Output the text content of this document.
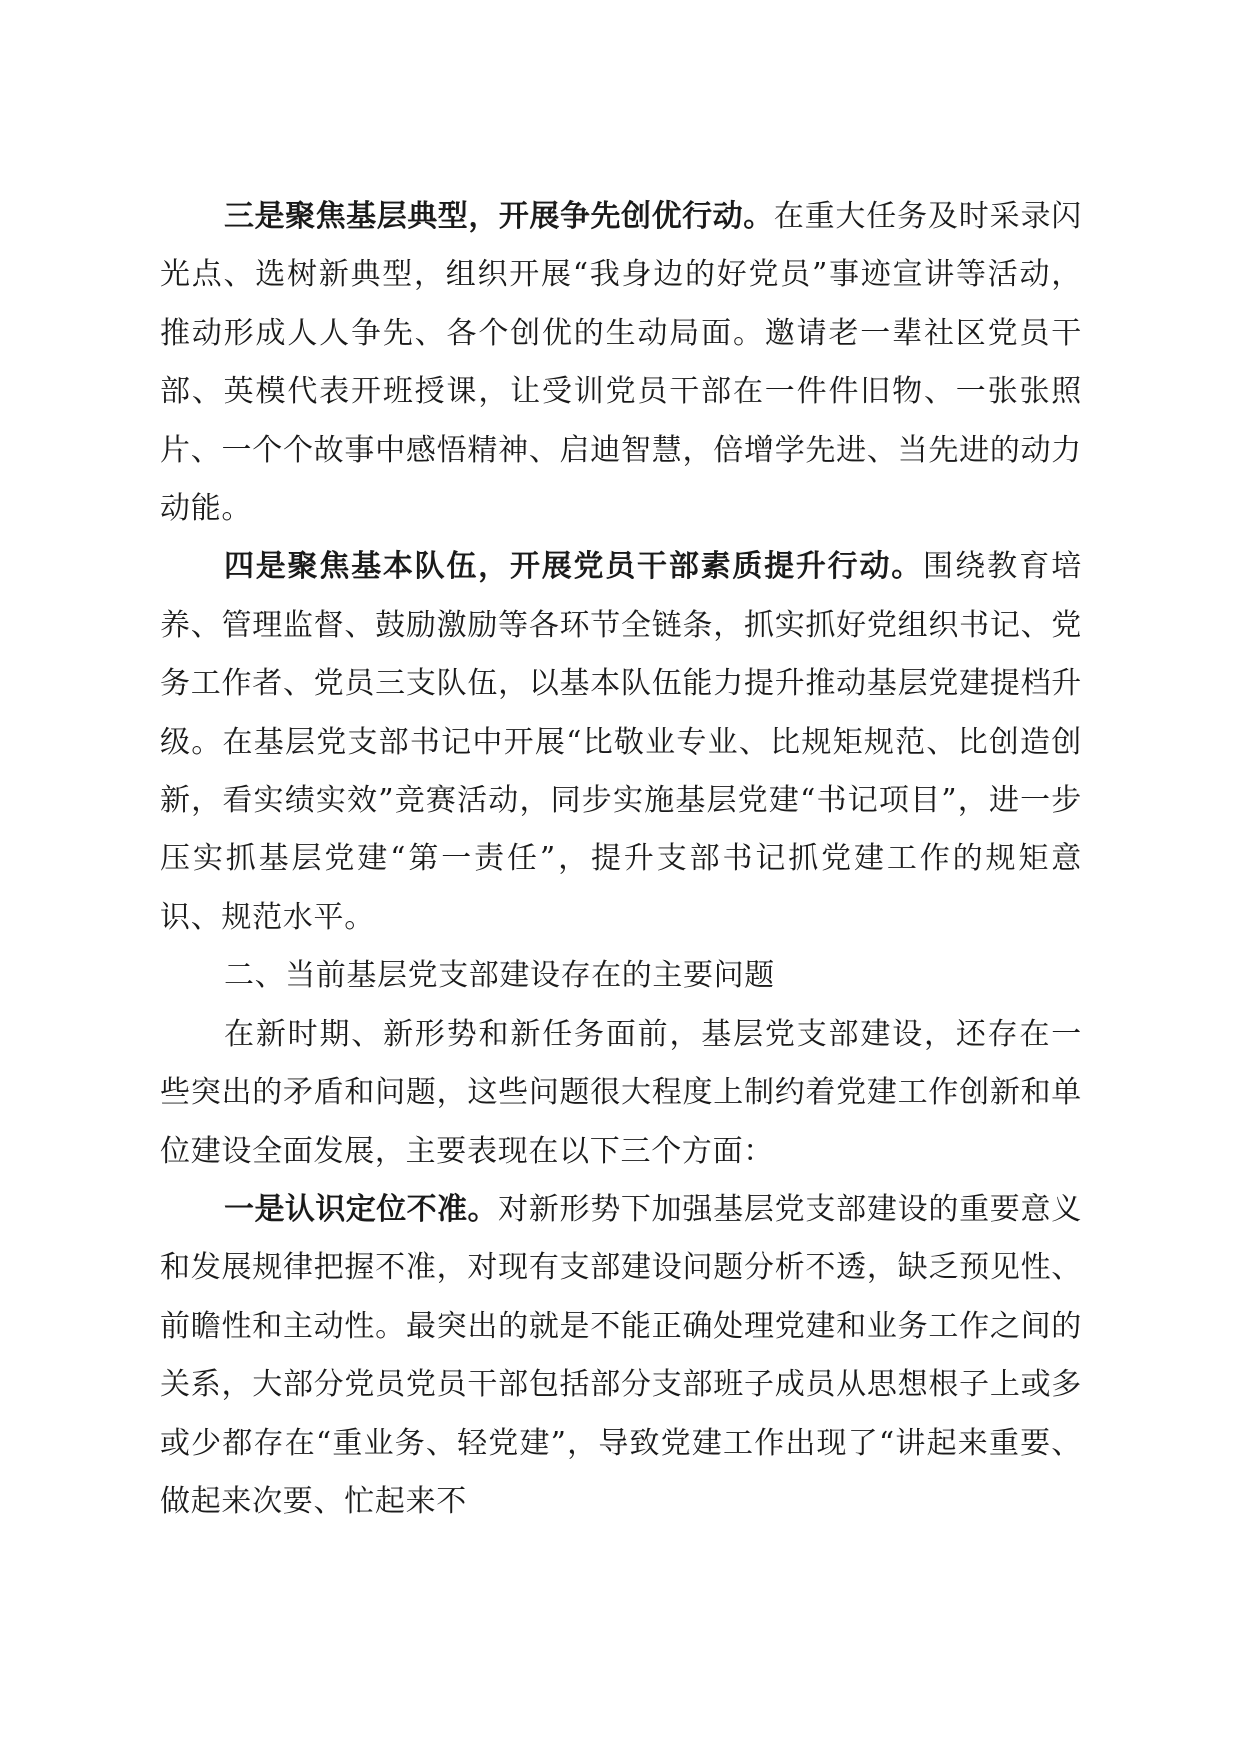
三是聚焦基层典型，开展争先创优行动。在重大任务及时采录闪光点、选树新典型，组织开展“我身边的好党员”事迹宣讲等活动，推动形成人人争先、各个创优的生动局面。邀请老一辈社区党员干部、英模代表开班授课，让受训党员干部在一件件旧物、一张张照片、一个个故事中感悟精神、启迪智慧，倍增学先进、当先进的动力动能。

四是聚焦基本队伍，开展党员干部素质提升行动。围绕教育培养、管理监督、鼓励激励等各环节全链条，抓实抓好党组织书记、党务工作者、党员三支队伍，以基本队伍能力提升推动基层党建提档升级。在基层党支部书记中开展“比敬业专业、比规矩规范、比创造创新，看实绩实效”竞赛活动，同步实施基层党建“书记项目”，进一步压实抓基层党建“第一责任”，提升支部书记抓党建工作的规矩意识、规范水平。

二、当前基层党支部建设存在的主要问题

在新时期、新形势和新任务面前，基层党支部建设，还存在一些突出的矛盾和问题，这些问题很大程度上制约着党建工作创新和单位建设全面发展，主要表现在以下三个方面：

一是认识定位不准。对新形势下加强基层党支部建设的重要意义和发展规律把握不准，对现有支部建设问题分析不透，缺乏预见性、前瞻性和主动性。最突出的就是不能正确处理党建和业务工作之间的关系，大部分党员党员干部包括部分支部班子成员从思想根子上或多或少都存在“重业务、轻党建”，导致党建工作出现了“讲起来重要、做起来次要、忙起来不
